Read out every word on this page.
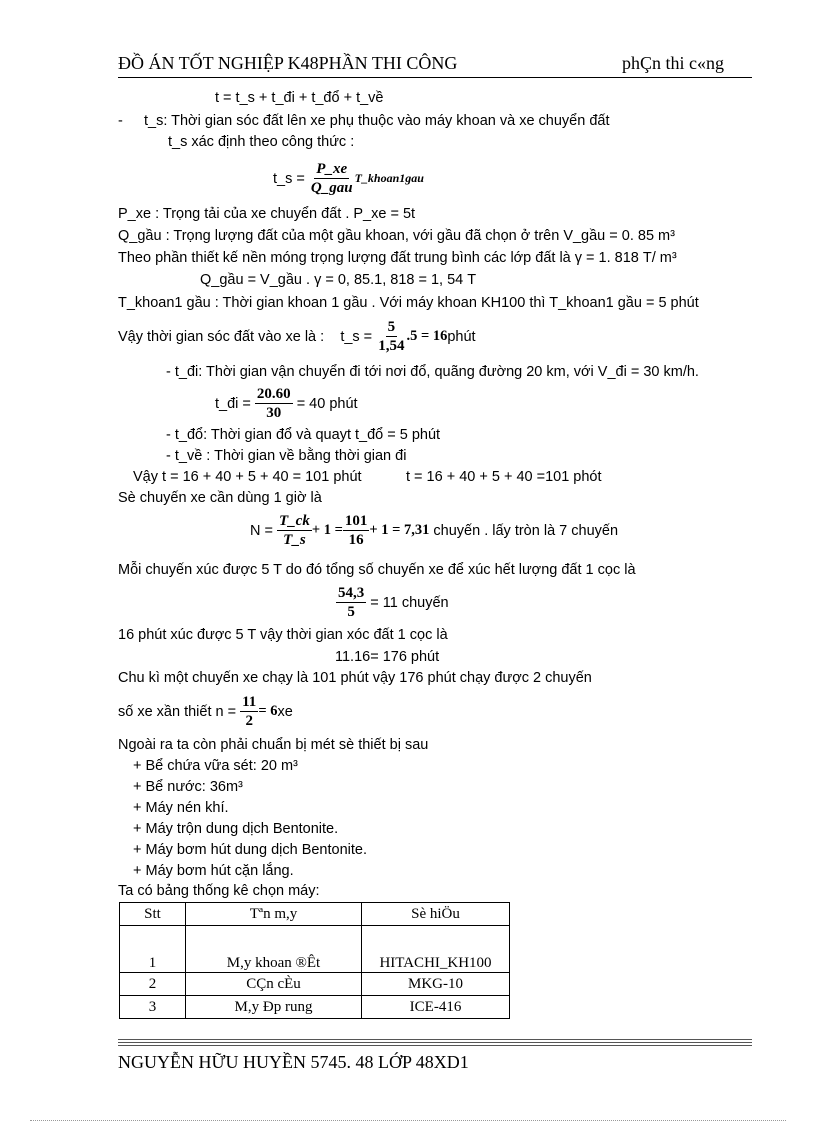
ĐỒ ÁN TỐT NGHIỆP K48PHẦN THI CÔNG	phÇn thi c«ng
t = t_s + t_đi + t_đổ + t_về
- t_s: Thời gian sóc đất lên xe phụ thuộc vào máy khoan và xe chuyển đất
t_s xác định theo công thức :
t_s =
$\frac{P\_xe}{\text{Q\_gau}}$ T_khoan1gau
P_xe : Trọng tải của xe chuyển đất . P_xe = 5t
Q_gầu : Trọng lượng đất của một gầu khoan, với gầu đã chọn ở trên V_gầu = 0. 85 m³
Theo phần thiết kế nền móng trọng lượng đất trung bình các lớp đất là γ = 1. 818 T/ m³
Q_gầu = V_gầu . γ = 0, 85.1, 818 = 1, 54 T
T_khoan1 gầu : Thời gian khoan 1 gầu . Với máy khoan KH100 thì T_khoan1 gầu = 5 phút
Vậy thời gian sóc đất vào xe là :
t_s =
$\frac{5}{1,54} .5 = 16$ phút
- t_đi: Thời gian vận chuyển đi tới nơi đổ, quãng đường 20 km, với V_đi = 30 km/h.
t_đi =
$\frac{20.60}{30}$
= 40 phút
- t_đổ: Thời gian đổ và quayt t_đổ = 5 phút
- t_về : Thời gian về bằng thời gian đi
Vậy t = 16 + 40 + 5 + 40 = 101 phút	t = 16 + 40 + 5 + 40 =101 phót
Sè chuyến xe cần dùng 1 giờ là
N =
$\frac{T\_ck}{T\_s} + 1 = \frac{101}{16} + 1 = 7,31$
chuyến . lấy tròn là 7 chuyến
Mỗi chuyến xúc được 5 T do đó tổng số chuyến xe để xúc hết lượng đất 1 cọc là
$\frac{54,3}{5}$
= 11 chuyến
16 phút xúc được 5 T vậy thời gian xóc đất 1 cọc là
11.16= 176 phút
Chu kì một chuyến xe chạy là 101 phút vậy 176 phút chạy được 2 chuyến
số xe xần thiết n =
$\frac{11}{2} = 6$ xe
Ngoài ra ta còn phải chuẩn bị mét sè thiết bị sau
+ Bể chứa vữa sét: 20 m³
+ Bể nước: 36m³
+ Máy nén khí.
+ Máy trộn dung dịch Bentonite.
+ Máy bơm hút dung dịch Bentonite.
+ Máy bơm hút cặn lắng.
Ta có bảng thống kê chọn máy:
Stt	Tªn m,y	Sè hiÖu
1	M,y khoan ®Êt	HITACHI_KH100
2	CÇn cÈu	MKG-10
3	M,y Ðp rung	ICE-416
NGUYỄN HỮU HUYỀN 5745. 48 LỚP 48XD1
